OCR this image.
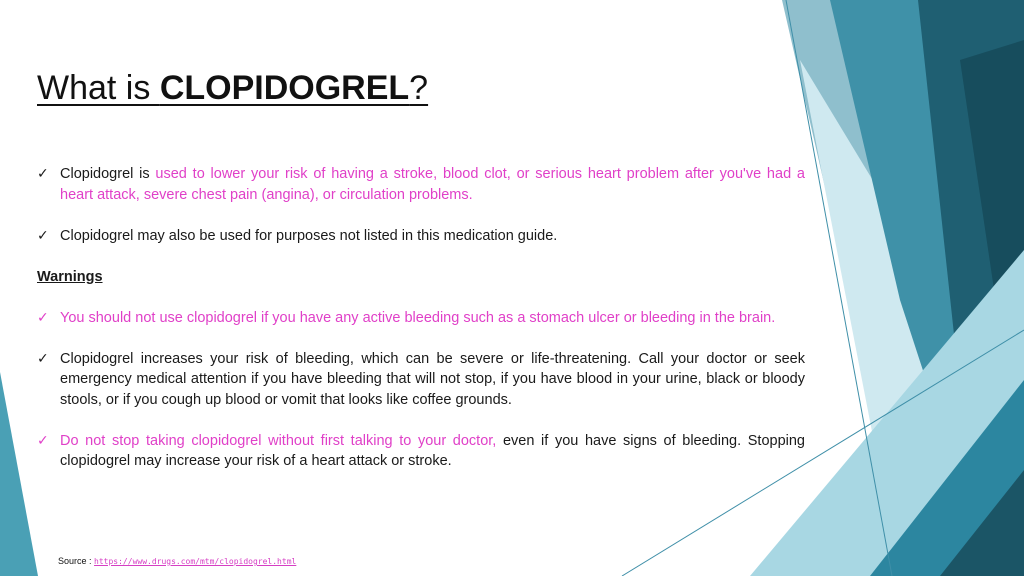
What is CLOPIDOGREL?
✓ Clopidogrel is used to lower your risk of having a stroke, blood clot, or serious heart problem after you've had a heart attack, severe chest pain (angina), or circulation problems.
✓ Clopidogrel may also be used for purposes not listed in this medication guide.
Warnings
✓ You should not use clopidogrel if you have any active bleeding such as a stomach ulcer or bleeding in the brain.
✓ Clopidogrel increases your risk of bleeding, which can be severe or life-threatening. Call your doctor or seek emergency medical attention if you have bleeding that will not stop, if you have blood in your urine, black or bloody stools, or if you cough up blood or vomit that looks like coffee grounds.
✓ Do not stop taking clopidogrel without first talking to your doctor, even if you have signs of bleeding. Stopping clopidogrel may increase your risk of a heart attack or stroke.
Source : https://www.drugs.com/mtm/clopidogrel.html
